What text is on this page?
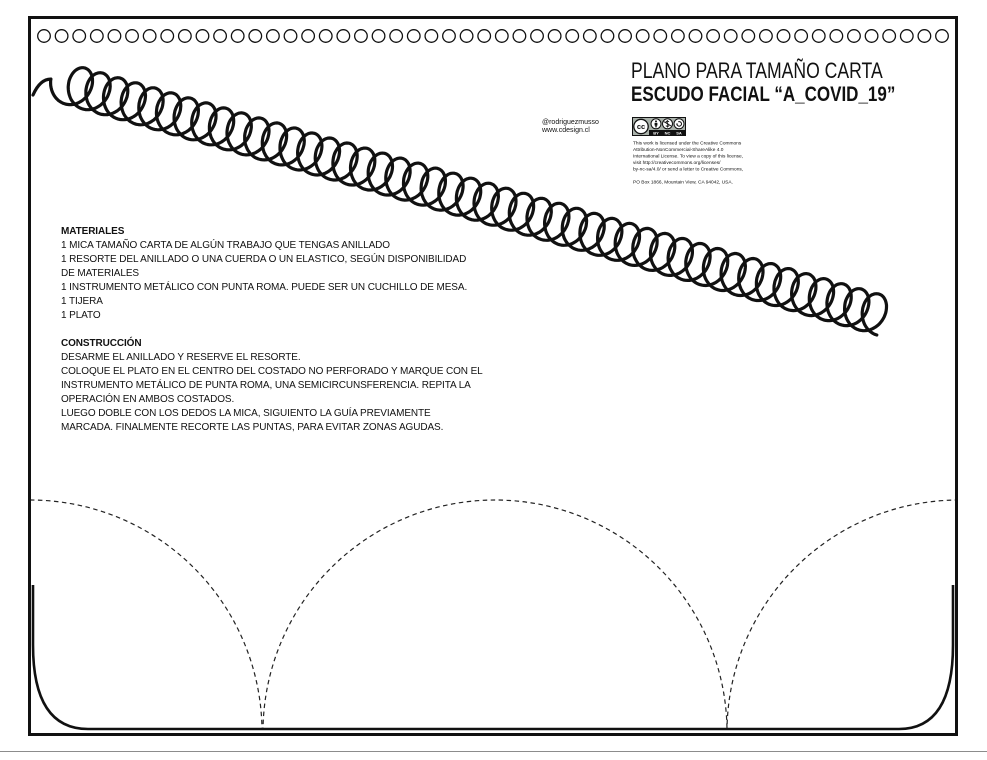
cc
BY NC SA
PLANO PARA TAMAÑO CARTA
ESCUDO FACIAL “A_COVID_19”
@rodriguezmusso
www.cdesign.cl
This work is licensed under the Creative Commons
Attribution-NonCommercial-ShareAlike 4.0
International License. To view a copy of this license,
visit http://creativecommons.org/licenses/
by-nc-sa/4.0/ or send a letter to Creative Commons,
PO Box 1866, Mountain View, CA 94042, USA.
MATERIALES
1 MICA TAMAÑO CARTA DE ALGÚN TRABAJO QUE TENGAS ANILLADO
1 RESORTE DEL ANILLADO O UNA CUERDA O UN ELASTICO, SEGÚN DISPONIBILIDAD
DE MATERIALES
1 INSTRUMENTO METÁLICO CON PUNTA ROMA. PUEDE SER UN CUCHILLO DE MESA.
1 TIJERA
1 PLATO
CONSTRUCCIÓN
DESARME EL ANILLADO Y RESERVE EL RESORTE.
COLOQUE EL PLATO EN EL CENTRO DEL COSTADO NO PERFORADO Y MARQUE CON EL
INSTRUMENTO METÁLICO DE PUNTA ROMA, UNA SEMICIRCUNSFERENCIA. REPITA LA
OPERACIÓN EN AMBOS COSTADOS.
LUEGO DOBLE CON LOS DEDOS LA MICA, SIGUIENTO LA GUÍA PREVIAMENTE
MARCADA. FINALMENTE RECORTE LAS PUNTAS, PARA EVITAR ZONAS AGUDAS.
